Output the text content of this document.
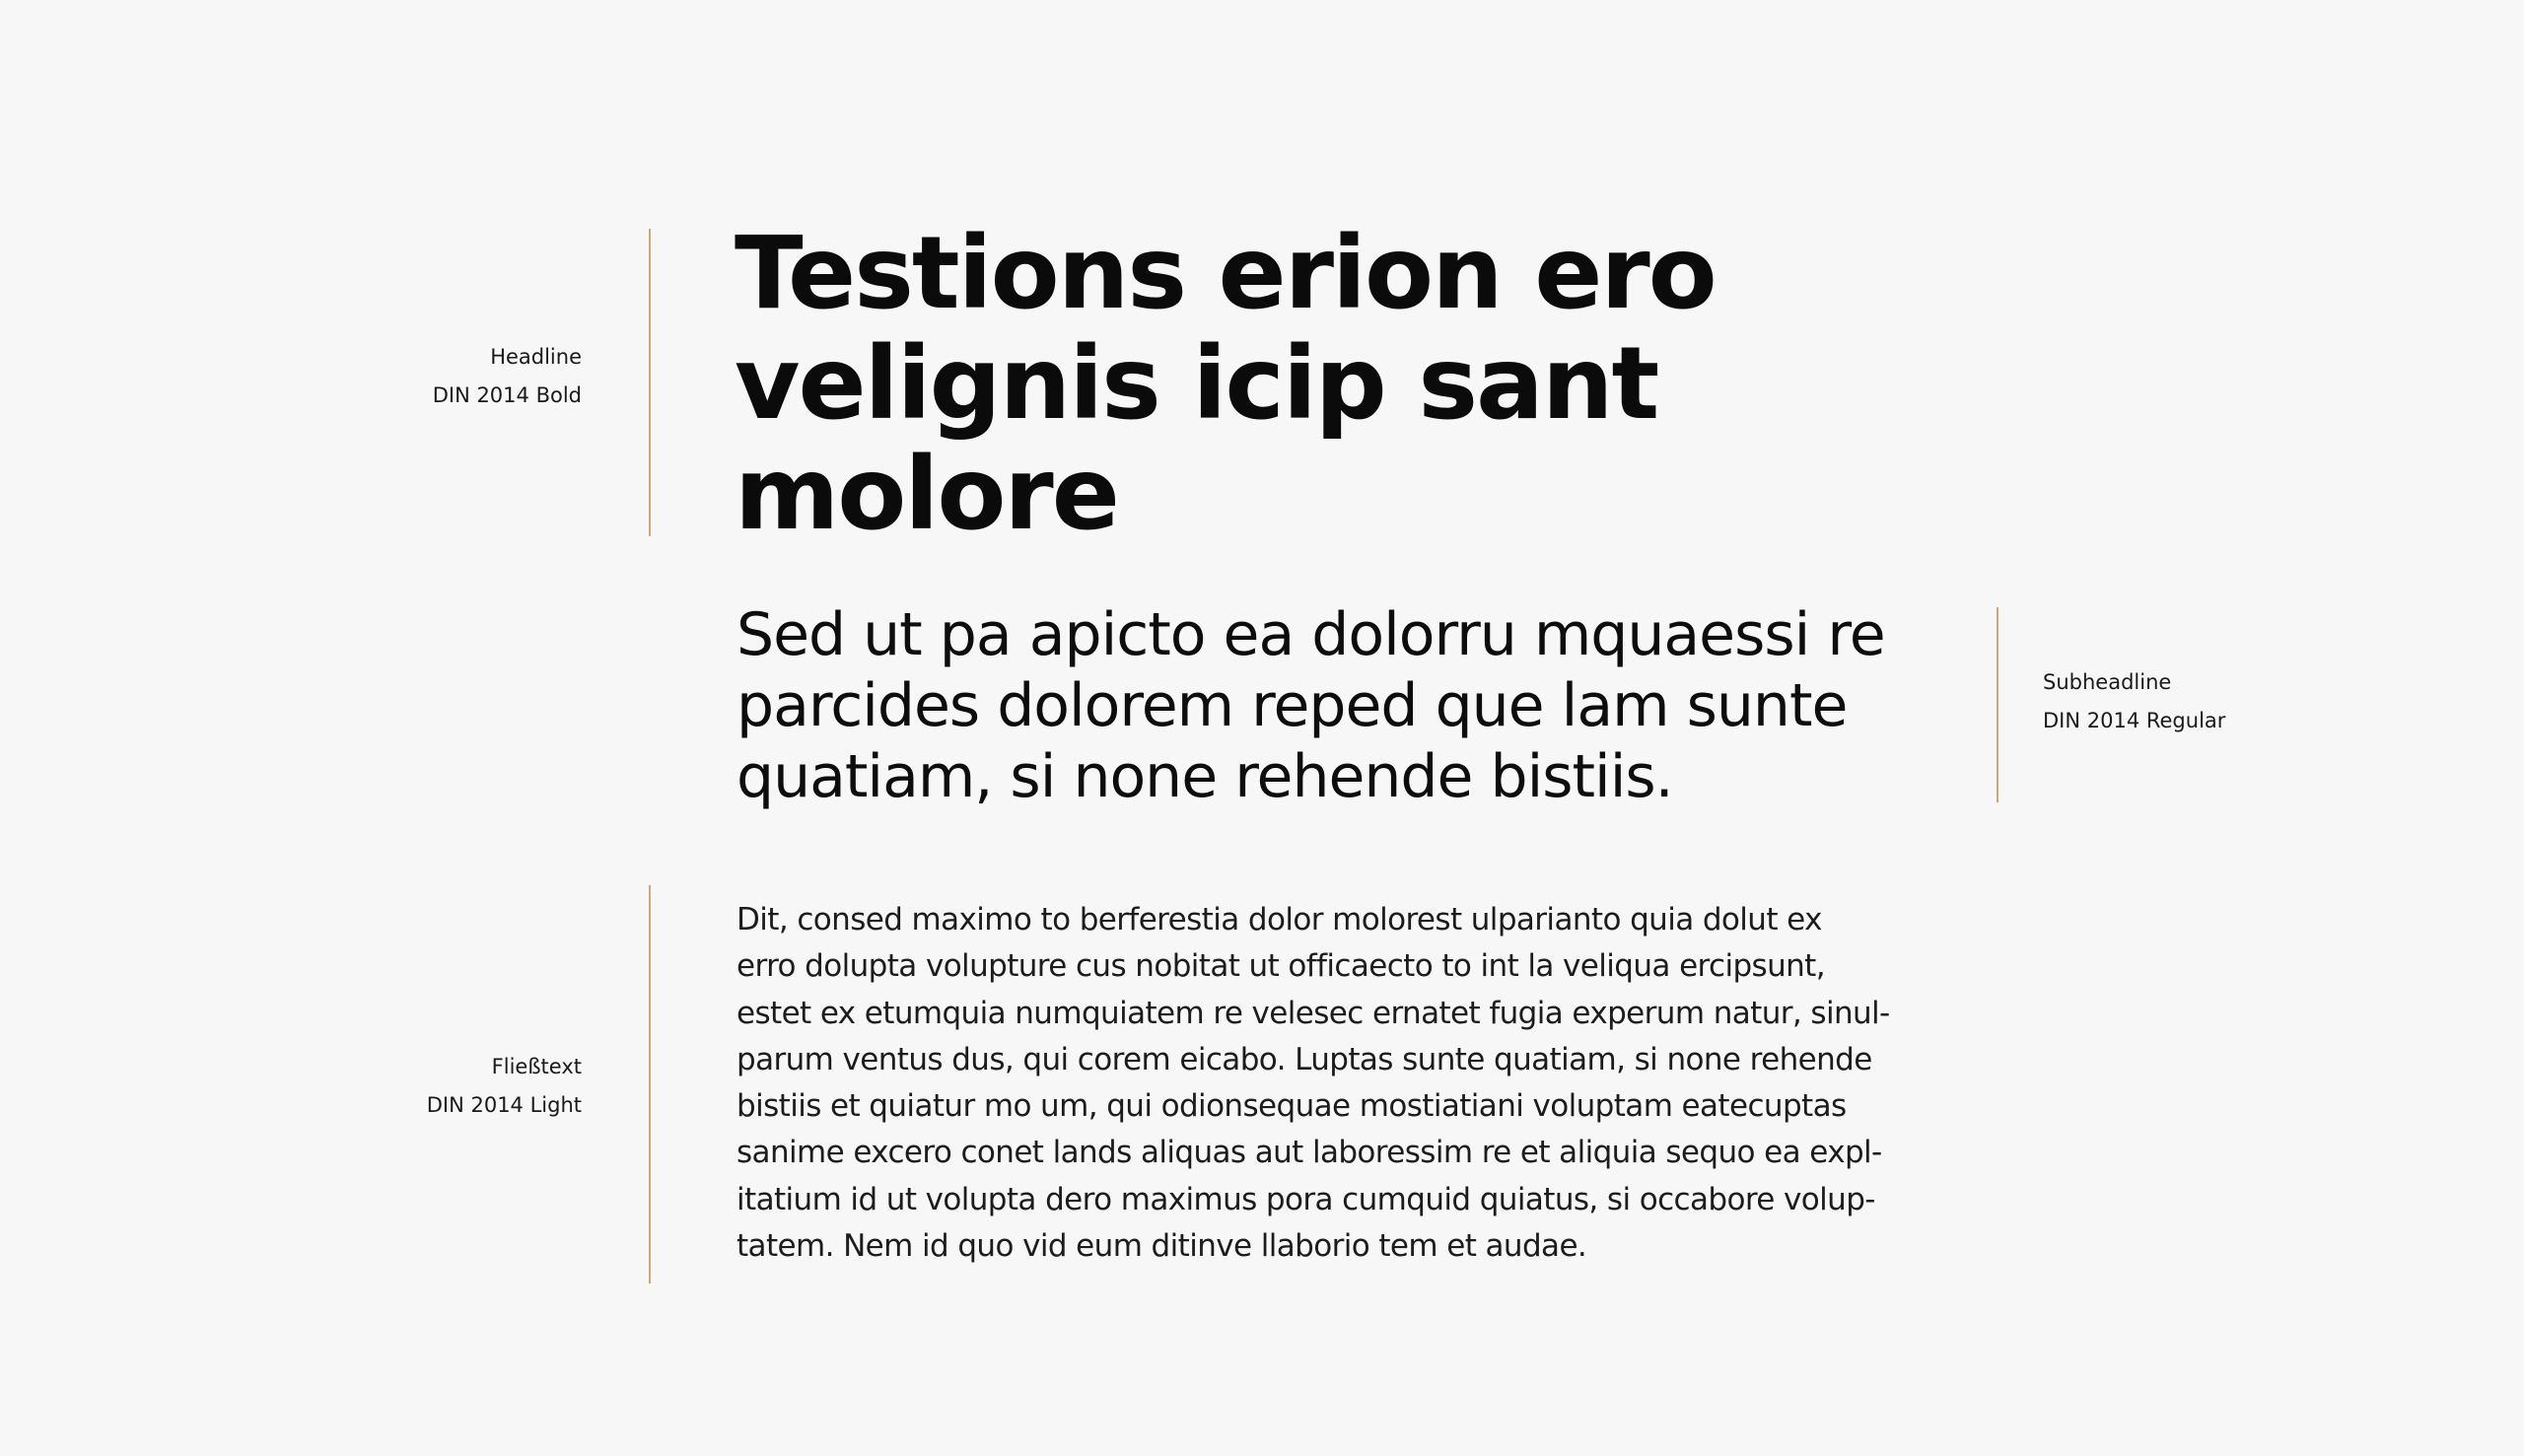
Headline
DIN 2014 Bold
Testions erion ero
velignis icip sant
molore
Sed ut pa apicto ea dolorru mquaessi re
parcides dolorem reped que lam sunte
quatiam, si none rehende bistiis.
Subheadline
DIN 2014 Regular
Fließtext
DIN 2014 Light

Dit, consed maximo to berferestia dolor molorest ulparianto quia dolut ex
erro dolupta volupture cus nobitat ut officaecto to int la veliqua ercipsunt,
estet ex etumquia numquiatem re velesec ernatet fugia experum natur, sinul-
parum ventus dus, qui corem eicabo. Luptas sunte quatiam, si none rehende
bistiis et quiatur mo um, qui odionsequae mostiatiani voluptam eatecuptas
sanime excero conet lands aliquas aut laboressim re et aliquia sequo ea expl-
itatium id ut volupta dero maximus pora cumquid quiatus, si occabore volup-
tatem. Nem id quo vid eum ditinve llaborio tem et audae.
